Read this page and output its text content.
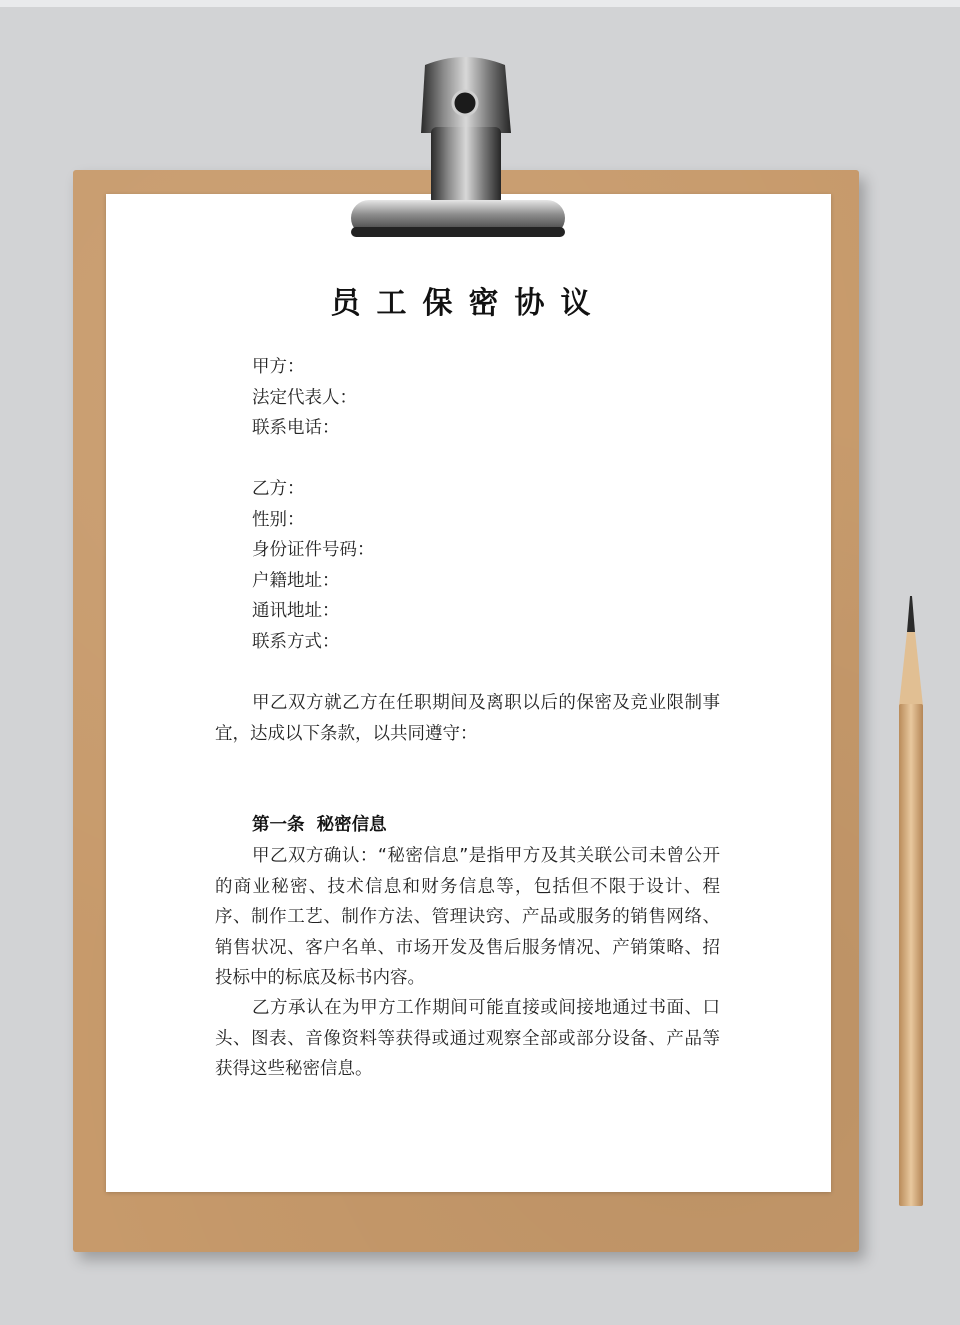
员工保密协议
甲方：
法定代表人：
联系电话：
乙方：
性别：
身份证件号码：
户籍地址：
通讯地址：
联系方式：

甲乙双方就乙方在任职期间及离职以后的保密及竞业限制事宜，达成以下条款，以共同遵守：

第一条  秘密信息

甲乙双方确认：“秘密信息”是指甲方及其关联公司未曾公开的商业秘密、技术信息和财务信息等，包括但不限于设计、程序、制作工艺、制作方法、管理诀窍、产品或服务的销售网络、销售状况、客户名单、市场开发及售后服务情况、产销策略、招投标中的标底及标书内容。

乙方承认在为甲方工作期间可能直接或间接地通过书面、口头、图表、音像资料等获得或通过观察全部或部分设备、产品等获得这些秘密信息。
